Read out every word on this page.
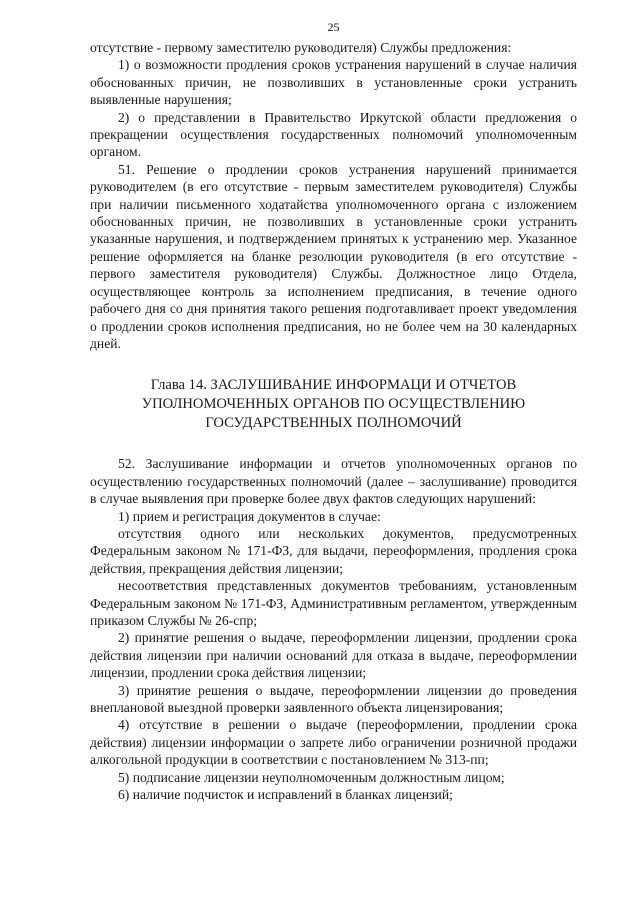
25

отсутствие - первому заместителю руководителя) Службы предложения:

1) о возможности продления сроков устранения нарушений в случае наличия обоснованных причин, не позволивших в установленные сроки устранить выявленные нарушения;

2) о представлении в Правительство Иркутской области предложения о прекращении осуществления государственных полномочий уполномоченным органом.

51. Решение о продлении сроков устранения нарушений принимается руководителем (в его отсутствие - первым заместителем руководителя) Службы при наличии письменного ходатайства уполномоченного органа с изложением обоснованных причин, не позволивших в установленные сроки устранить указанные нарушения, и подтверждением принятых к устранению мер. Указанное решение оформляется на бланке резолюции руководителя (в его отсутствие - первого заместителя руководителя) Службы. Должностное лицо Отдела, осуществляющее контроль за исполнением предписания, в течение одного рабочего дня со дня принятия такого решения подготавливает проект уведомления о продлении сроков исполнения предписания, но не более чем на 30 календарных дней.

Глава 14. ЗАСЛУШИВАНИЕ ИНФОРМАЦИ И ОТЧЕТОВ
УПОЛНОМОЧЕННЫХ ОРГАНОВ ПО ОСУЩЕСТВЛЕНИЮ
ГОСУДАРСТВЕННЫХ ПОЛНОМОЧИЙ

52. Заслушивание информации и отчетов уполномоченных органов по осуществлению государственных полномочий (далее – заслушивание) проводится в случае выявления при проверке более двух фактов следующих нарушений:

1) прием и регистрация документов в случае:

отсутствия одного или нескольких документов, предусмотренных Федеральным законом № 171-ФЗ, для выдачи, переоформления, продления срока действия, прекращения действия лицензии;

несоответствия представленных документов требованиям, установленным Федеральным законом № 171-ФЗ, Административным регламентом, утвержденным приказом Службы № 26-спр;

2) принятие решения о выдаче, переоформлении лицензии, продлении срока действия лицензии при наличии оснований для отказа в выдаче, переоформлении лицензии, продлении срока действия лицензии;

3) принятие решения о выдаче, переоформлении лицензии до проведения внеплановой выездной проверки заявленного объекта лицензирования;

4) отсутствие в решении о выдаче (переоформлении, продлении срока действия) лицензии информации о запрете либо ограничении розничной продажи алкогольной продукции в соответствии с постановлением № 313-пп;

5) подписание лицензии неуполномоченным должностным лицом;

6) наличие подчисток и исправлений в бланках лицензий;
